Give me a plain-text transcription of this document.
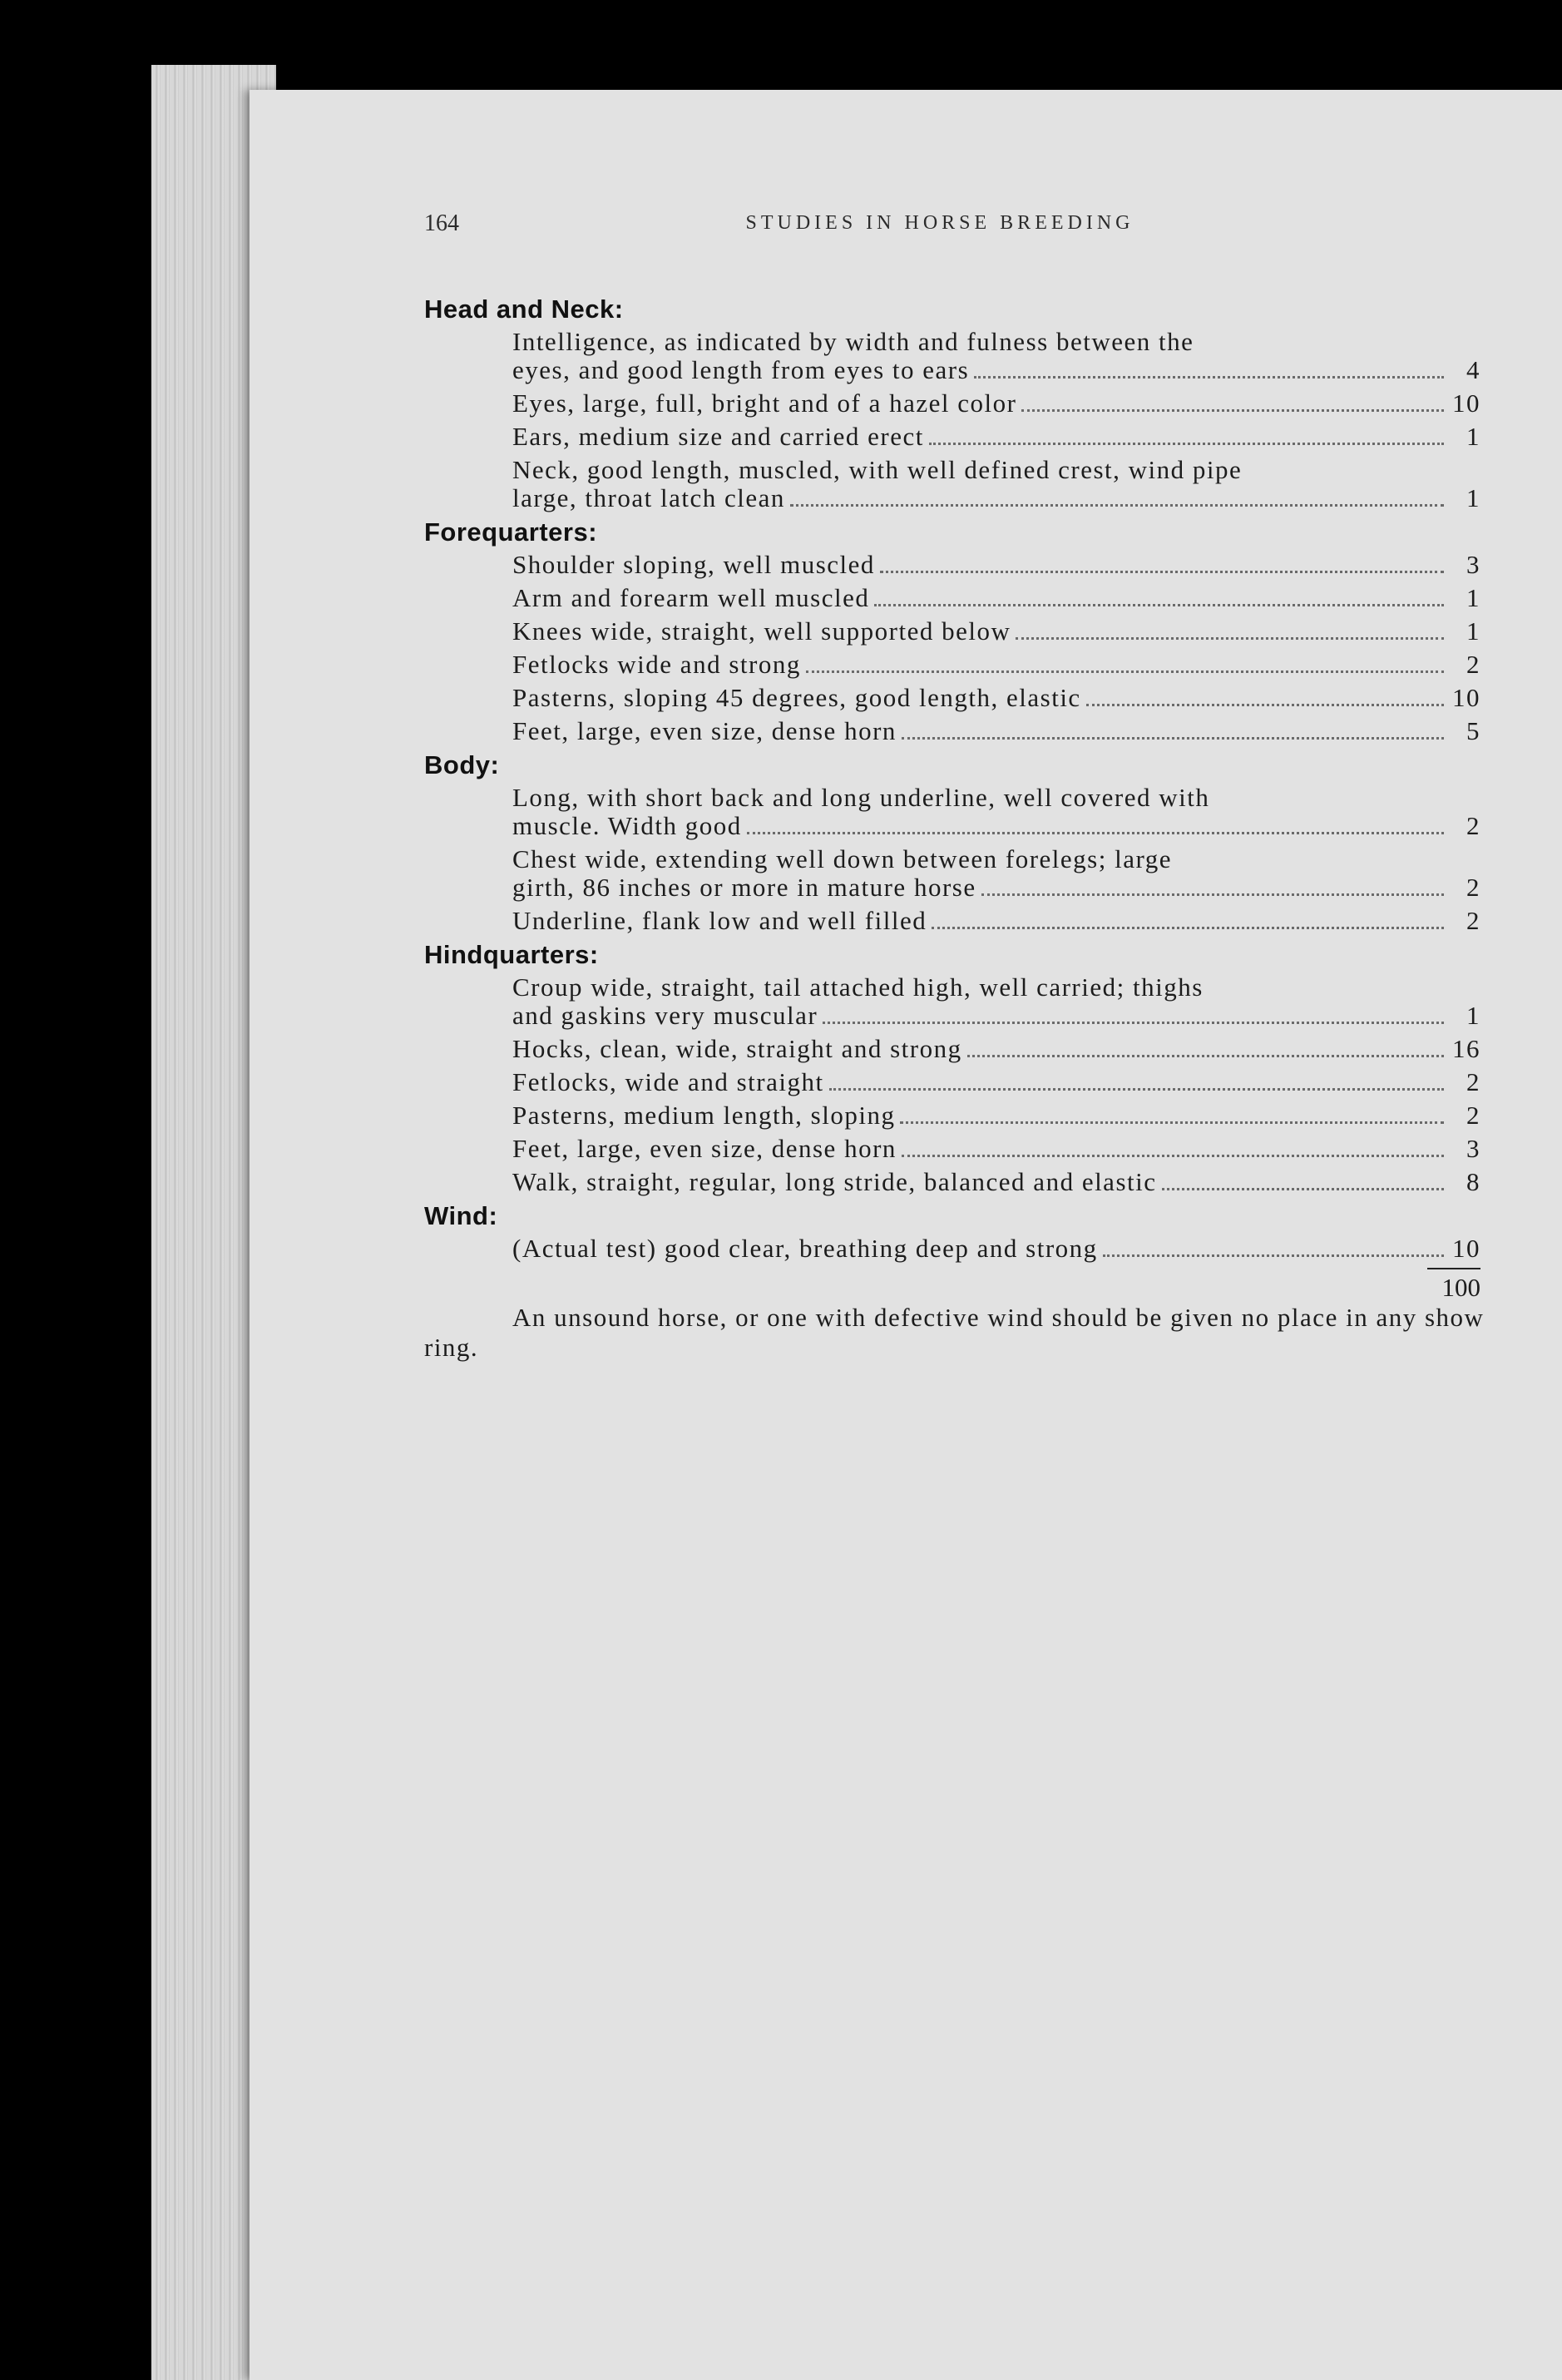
164	STUDIES IN HORSE BREEDING
Head and Neck:
Intelligence, as indicated by width and fulness between the
eyes, and good length from eyes to ears	4
Eyes, large, full, bright and of a hazel color	10
Ears, medium size and carried erect	1
Neck, good length, muscled, with well defined crest, wind pipe
large, throat latch clean	1
Forequarters:
Shoulder sloping, well muscled	3
Arm and forearm well muscled	1
Knees wide, straight, well supported below	1
Fetlocks wide and strong	2
Pasterns, sloping 45 degrees, good length, elastic	10
Feet, large, even size, dense horn	5
Body:
Long, with short back and long underline, well covered with
muscle. Width good	2
Chest wide, extending well down between forelegs; large
girth, 86 inches or more in mature horse	2
Underline, flank low and well filled	2
Hindquarters:
Croup wide, straight, tail attached high, well carried; thighs
and gaskins very muscular	1
Hocks, clean, wide, straight and strong	16
Fetlocks, wide and straight	2
Pasterns, medium length, sloping	2
Feet, large, even size, dense horn	3
Walk, straight, regular, long stride, balanced and elastic	8
Wind:
(Actual test) good clear, breathing deep and strong	10
100
An unsound horse, or one with defective wind should be given no place in any show ring.
